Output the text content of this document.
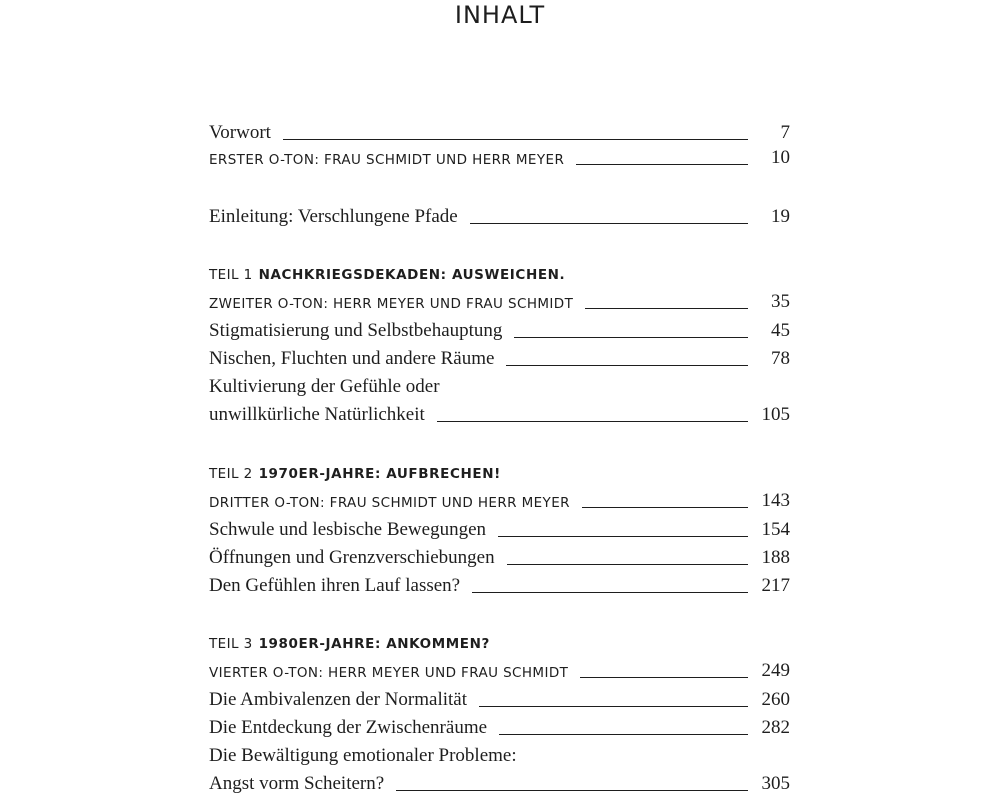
INHALT
Vorwort	7
ERSTER O-TON: FRAU SCHMIDT UND HERR MEYER	10
Einleitung: Verschlungene Pfade	19
TEIL 1 NACHKRIEGSDEKADEN: AUSWEICHEN.
ZWEITER O-TON: HERR MEYER UND FRAU SCHMIDT	35
Stigmatisierung und Selbstbehauptung	45
Nischen, Fluchten und andere Räume	78
Kultivierung der Gefühle oder
unwillkürliche Natürlichkeit	105
TEIL 2 1970ER-JAHRE: AUFBRECHEN!
DRITTER O-TON: FRAU SCHMIDT UND HERR MEYER	143
Schwule und lesbische Bewegungen	154
Öffnungen und Grenzverschiebungen	188
Den Gefühlen ihren Lauf lassen?	217
TEIL 3 1980ER-JAHRE: ANKOMMEN?
VIERTER O-TON: HERR MEYER UND FRAU SCHMIDT	249
Die Ambivalenzen der Normalität	260
Die Entdeckung der Zwischenräume	282
Die Bewältigung emotionaler Probleme:
Angst vorm Scheitern?	305
